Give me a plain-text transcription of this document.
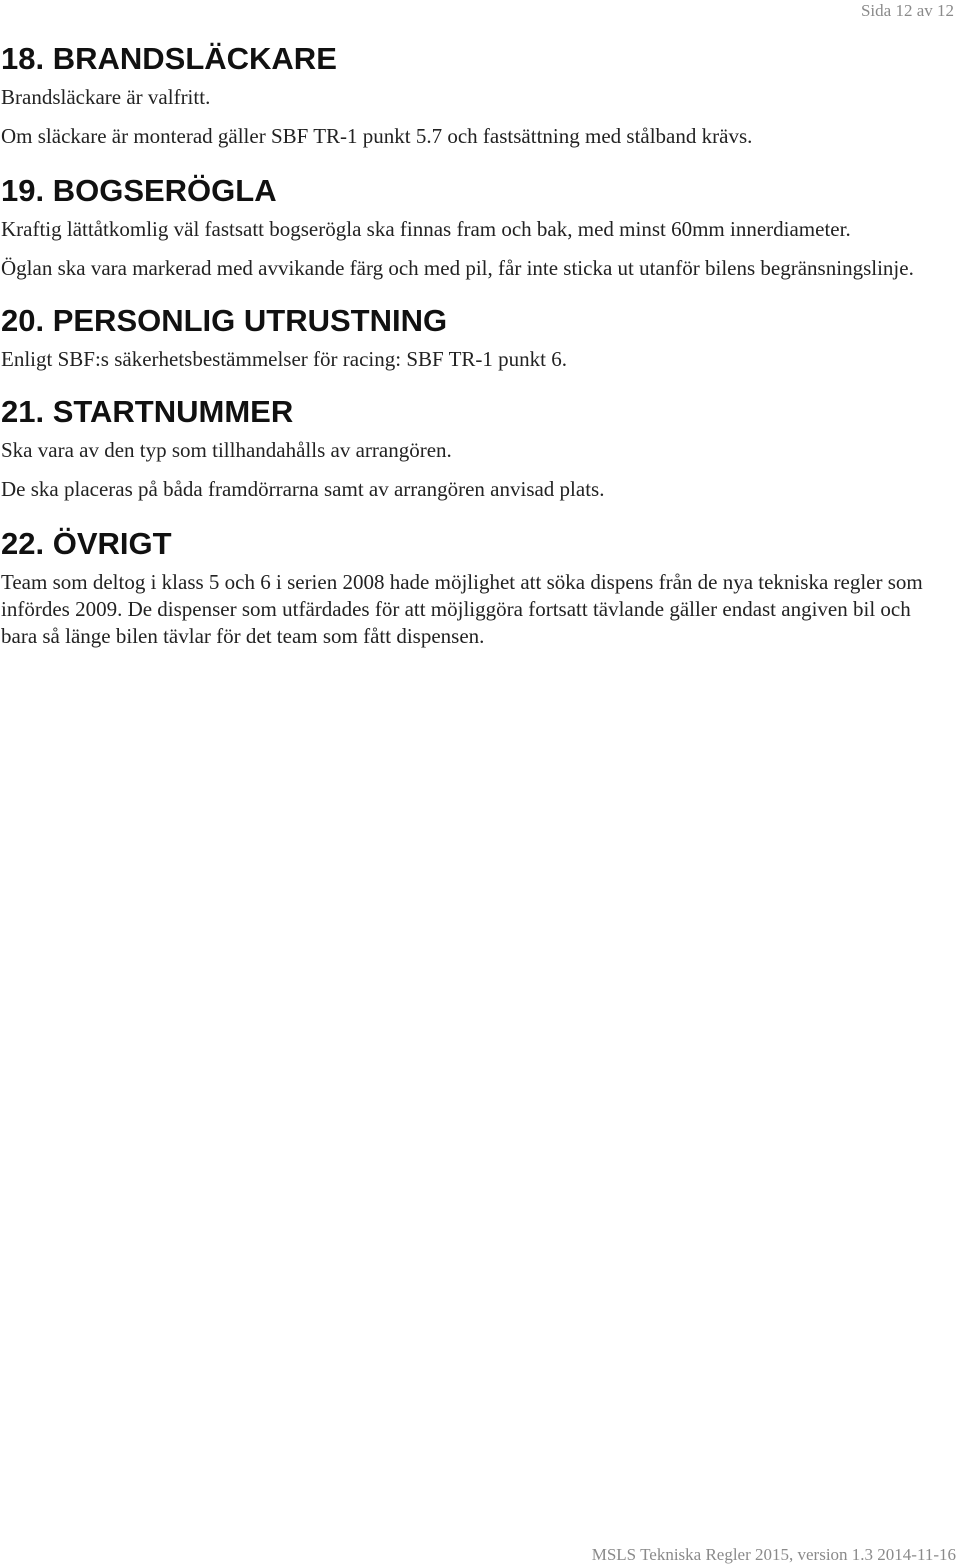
Sida 12 av 12
18. BRANDSLÄCKARE

Brandsläckare är valfritt.

Om släckare är monterad gäller SBF TR-1 punkt 5.7 och fastsättning med stålband krävs.

19. BOGSERÖGLA

Kraftig lättåtkomlig väl fastsatt bogserögla ska finnas fram och bak, med minst 60mm innerdiameter.

Öglan ska vara markerad med avvikande färg och med pil, får inte sticka ut utanför bilens begränsningslinje.

20. PERSONLIG UTRUSTNING

Enligt SBF:s säkerhetsbestämmelser för racing: SBF TR-1 punkt 6.

21. STARTNUMMER

Ska vara av den typ som tillhandahålls av arrangören.

De ska placeras på båda framdörrarna samt av arrangören anvisad plats.

22. ÖVRIGT

Team som deltog i klass 5 och 6 i serien 2008 hade möjlighet att söka dispens från de nya tekniska regler som infördes 2009. De dispenser som utfärdades för att möjliggöra fortsatt tävlande gäller endast angiven bil och bara så länge bilen tävlar för det team som fått dispensen.

MSLS Tekniska Regler 2015, version 1.3 2014-11-16
